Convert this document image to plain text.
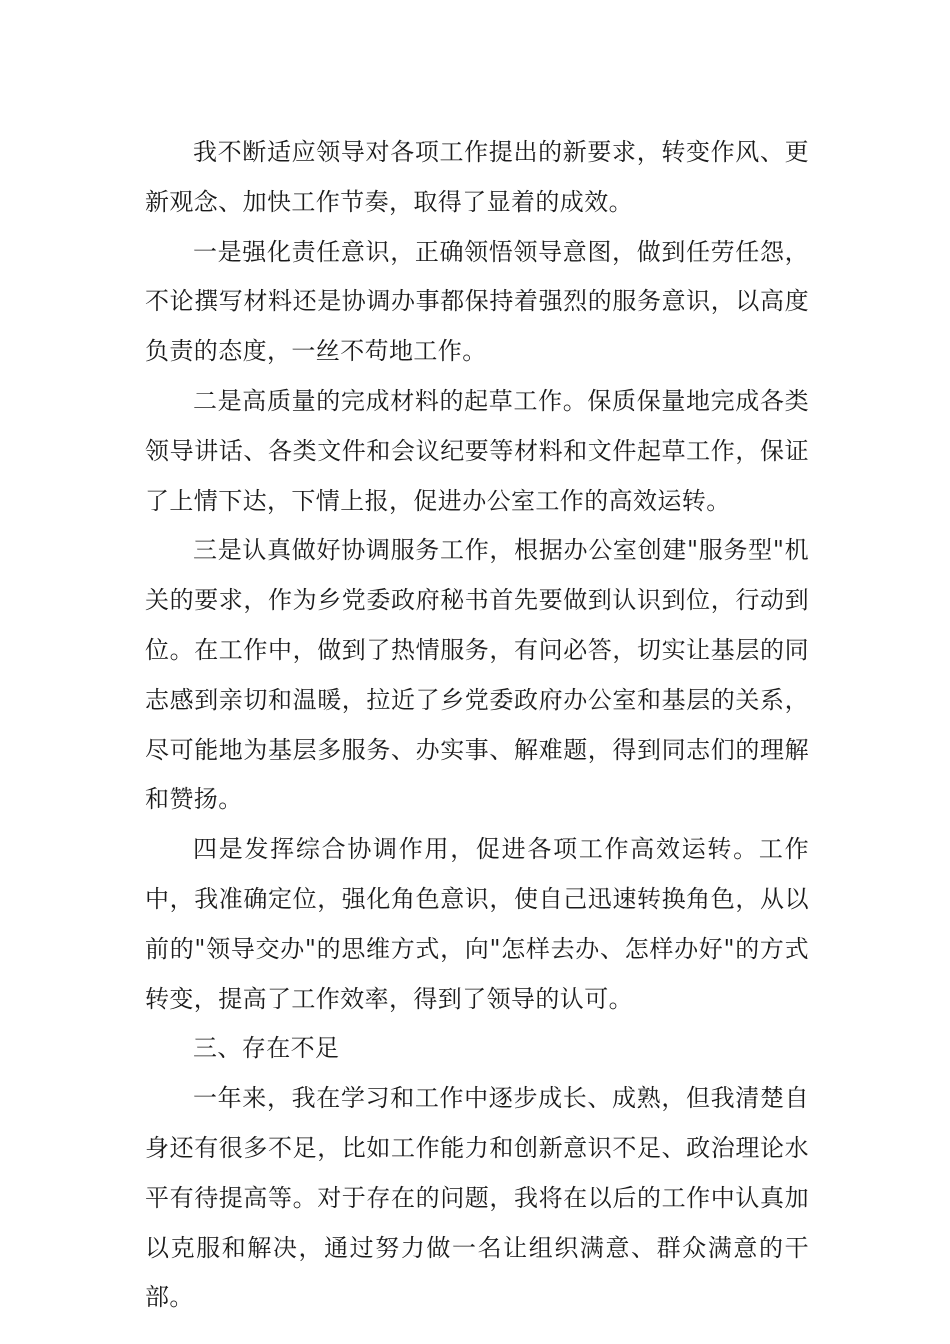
我不断适应领导对各项工作提出的新要求，转变作风、更新观念、加快工作节奏，取得了显着的成效。

一是强化责任意识，正确领悟领导意图，做到任劳任怨，不论撰写材料还是协调办事都保持着强烈的服务意识，以高度负责的态度，一丝不苟地工作。

二是高质量的完成材料的起草工作。保质保量地完成各类领导讲话、各类文件和会议纪要等材料和文件起草工作，保证了上情下达，下情上报，促进办公室工作的高效运转。

三是认真做好协调服务工作，根据办公室创建"服务型"机关的要求，作为乡党委政府秘书首先要做到认识到位，行动到位。在工作中，做到了热情服务，有问必答，切实让基层的同志感到亲切和温暖，拉近了乡党委政府办公室和基层的关系，尽可能地为基层多服务、办实事、解难题，得到同志们的理解和赞扬。

四是发挥综合协调作用，促进各项工作高效运转。工作中，我准确定位，强化角色意识，使自己迅速转换角色，从以前的"领导交办"的思维方式，向"怎样去办、怎样办好"的方式转变，提高了工作效率，得到了领导的认可。

三、存在不足

一年来，我在学习和工作中逐步成长、成熟，但我清楚自身还有很多不足，比如工作能力和创新意识不足、政治理论水平有待提高等。对于存在的问题，我将在以后的工作中认真加以克服和解决，通过努力做一名让组织满意、群众满意的干部。
